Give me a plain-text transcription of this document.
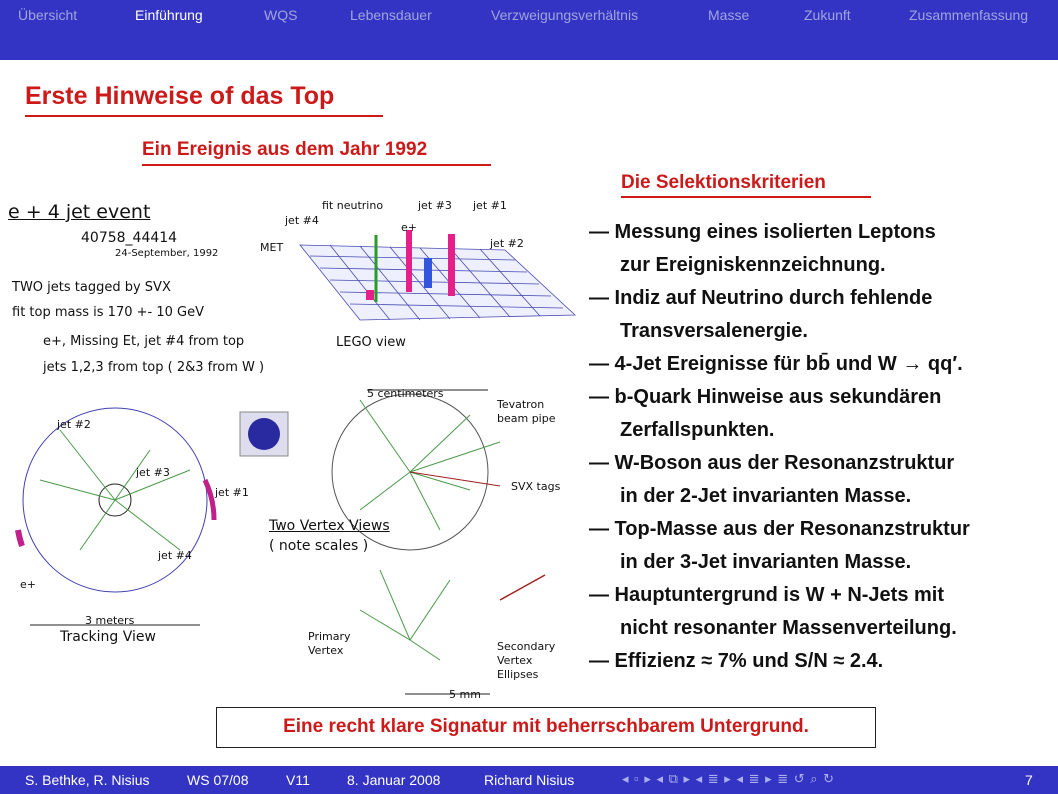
Übersicht	Einführung	WQS	Lebensdauer	Verzweigungsverhältnis	Masse	Zukunft	Zusammenfassung
Erste Hinweise of das Top
Ein Ereignis aus dem Jahr 1992
Die Selektionskriterien
— Messung eines isolierten Leptons
zur Ereigniskennzeichnung.
— Indiz auf Neutrino durch fehlende
Transversalenergie.
— 4-Jet Ereignisse für bb̄ und W → qq′.
— b-Quark Hinweise aus sekundären
Zerfallspunkten.
— W-Boson aus der Resonanzstruktur
in der 2-Jet invarianten Masse.
— Top-Masse aus der Resonanzstruktur
in der 3-Jet invarianten Masse.
— Hauptuntergrund is W + N-Jets mit
nicht resonanter Massenverteilung.
— Effizienz ≈ 7% und S/N ≈ 2.4.
e + 4 jet event
40758_44414
24-September, 1992
TWO jets tagged by SVX
fit top mass is 170 +- 10 GeV
e+, Missing Et, jet #4 from top
jets 1,2,3 from top ( 2&3 from W )
fit neutrino	jet #3 jet #1
jet #4
e+
jet #2
MET
LEGO view
jet #2
jet #3
jet #1
jet #4
e+
3 meters
Tracking View
5 centimeters
Tevatron
beam pipe
SVX tags
Two Vertex Views
( note scales )
Primary
Vertex	Secondary
Vertex
Ellipses
5 mm
Eine recht klare Signatur mit beherrschbarem Untergrund.
S. Bethke, R. Nisius	WS 07/08	V11	8. Januar 2008	Richard Nisius	◂ ▫ ▸ ◂ ⧉ ▸ ◂ ≣ ▸ ◂ ≣ ▸ ≣ ↺ ⌕ ↻	7
